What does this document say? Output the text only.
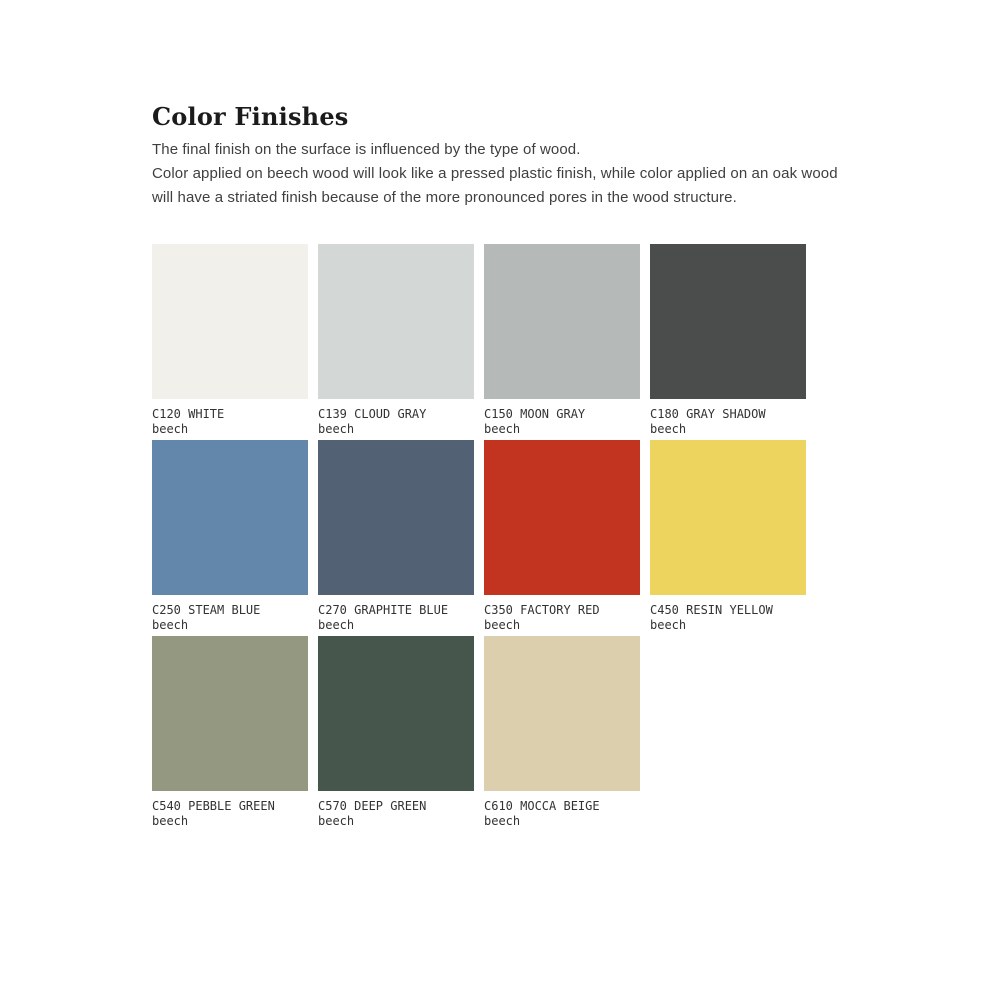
Color Finishes

The final finish on the surface is influenced by the type of wood.

Color applied on beech wood will look like a pressed plastic finish, while color applied on an oak wood will have a striated finish because of the more pronounced pores in the wood structure.

C120 WHITE
beech
C139 CLOUD GRAY
beech
C150 MOON GRAY
beech
C180 GRAY SHADOW
beech
C250 STEAM BLUE
beech
C270 GRAPHITE BLUE
beech
C350 FACTORY RED
beech
C450 RESIN YELLOW
beech
C540 PEBBLE GREEN
beech
C570 DEEP GREEN
beech
C610 MOCCA BEIGE
beech
